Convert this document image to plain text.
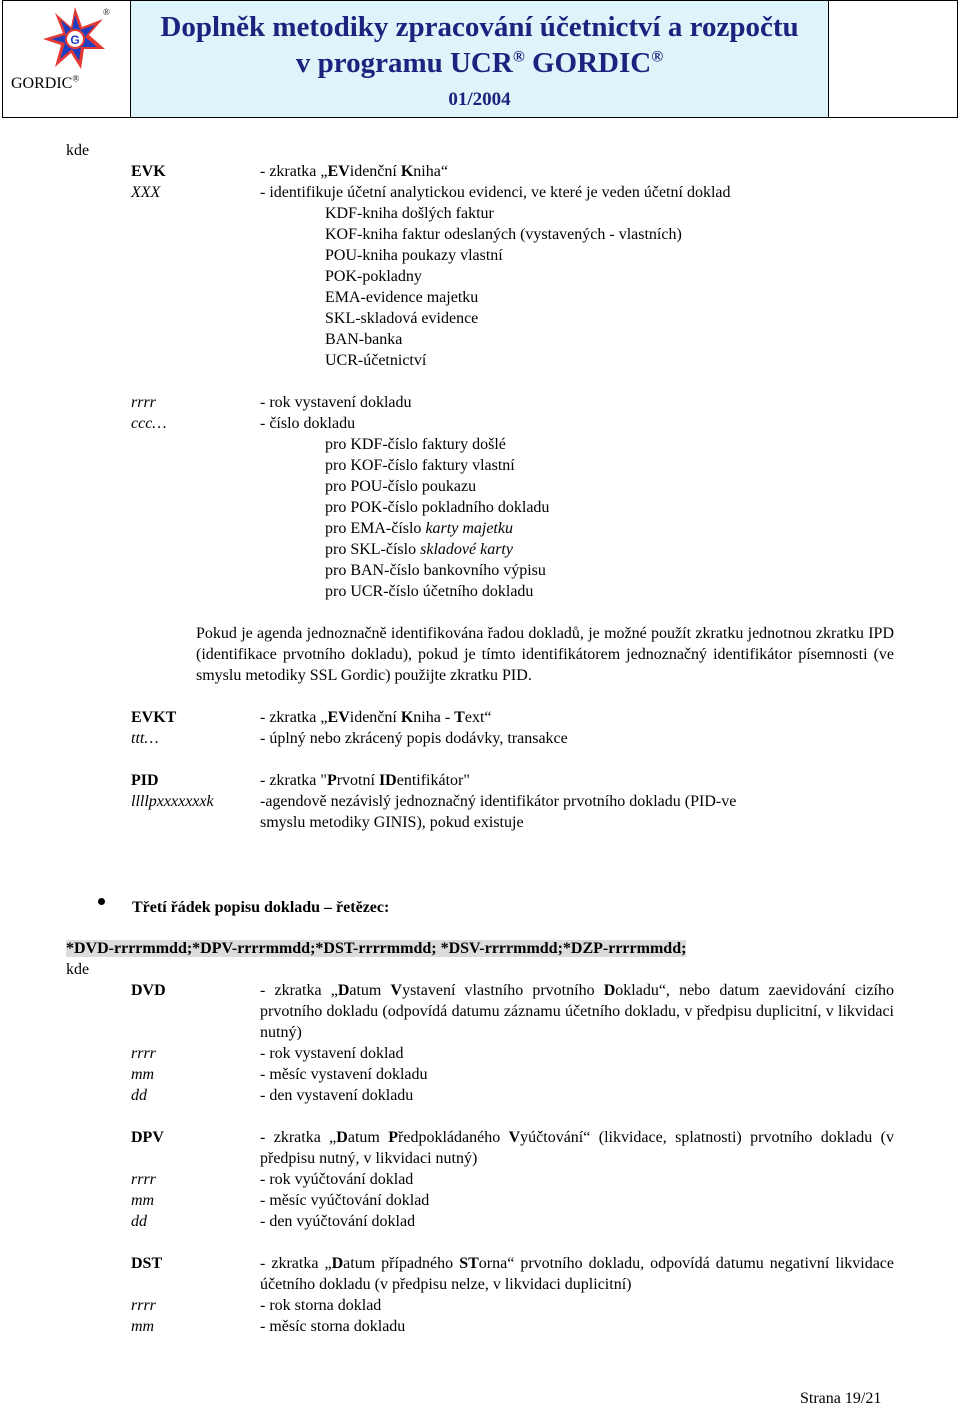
G
®
GORDIC®
Doplněk metodiky zpracování účetnictví a rozpočtu
v programu UCR® GORDIC®
01/2004
kde
EVK	- zkratka „EVidenční Kniha“
XXX	- identifikuje účetní analytickou evidenci, ve které je veden účetní doklad
KDF-kniha došlých faktur
KOF-kniha faktur odeslaných (vystavených - vlastních)
POU-kniha poukazy vlastní
POK-pokladny
EMA-evidence majetku
SKL-skladová evidence
BAN-banka
UCR-účetnictví
rrrr	- rok vystavení dokladu
ccc…	- číslo dokladu
pro KDF-číslo faktury došlé
pro KOF-číslo faktury vlastní
pro POU-číslo poukazu
pro POK-číslo pokladního dokladu
pro EMA-číslo karty majetku
pro SKL-číslo skladové karty
pro BAN-číslo bankovního výpisu
pro UCR-číslo účetního dokladu
Pokud je agenda jednoznačně identifikována řadou dokladů, je možné použít zkratku jednotnou zkratku IPD (identifikace prvotního dokladu), pokud je tímto identifikátorem jednoznačný identifikátor písemnosti (ve smyslu metodiky SSL Gordic) použijte zkratku PID.
EVKT	- zkratka „EVidenční Kniha - Text“
ttt…	- úplný nebo zkrácený popis dodávky, transakce
PID	- zkratka "Prvotní IDentifikátor"
llllpxxxxxxxk	-agendově nezávislý jednoznačný identifikátor prvotního dokladu (PID-ve
smyslu metodiky GINIS), pokud existuje
Třetí řádek popisu dokladu – řetězec:
*DVD-rrrrmmdd;*DPV-rrrrmmdd;*DST-rrrrmmdd; *DSV-rrrrmmdd;*DZP-rrrrmmdd;
kde
DVD	- zkratka „Datum Vystavení vlastního prvotního Dokladu“, nebo datum zaevidování cizího prvotního dokladu (odpovídá datumu záznamu účetního dokladu, v předpisu duplicitní, v likvidaci nutný)
rrrr	- rok vystavení doklad
mm	- měsíc vystavení dokladu
dd	- den vystavení dokladu
DPV	- zkratka „Datum Předpokládaného Vyúčtování“ (likvidace, splatnosti) prvotního dokladu (v předpisu nutný, v likvidaci nutný)
rrrr	- rok vyúčtování doklad
mm	- měsíc vyúčtování doklad
dd	- den vyúčtování doklad
DST	- zkratka „Datum případného STorna“ prvotního dokladu, odpovídá datumu negativní likvidace účetního dokladu (v předpisu nelze, v likvidaci duplicitní)
rrrr	- rok storna doklad
mm	- měsíc storna dokladu
Strana 19/21
